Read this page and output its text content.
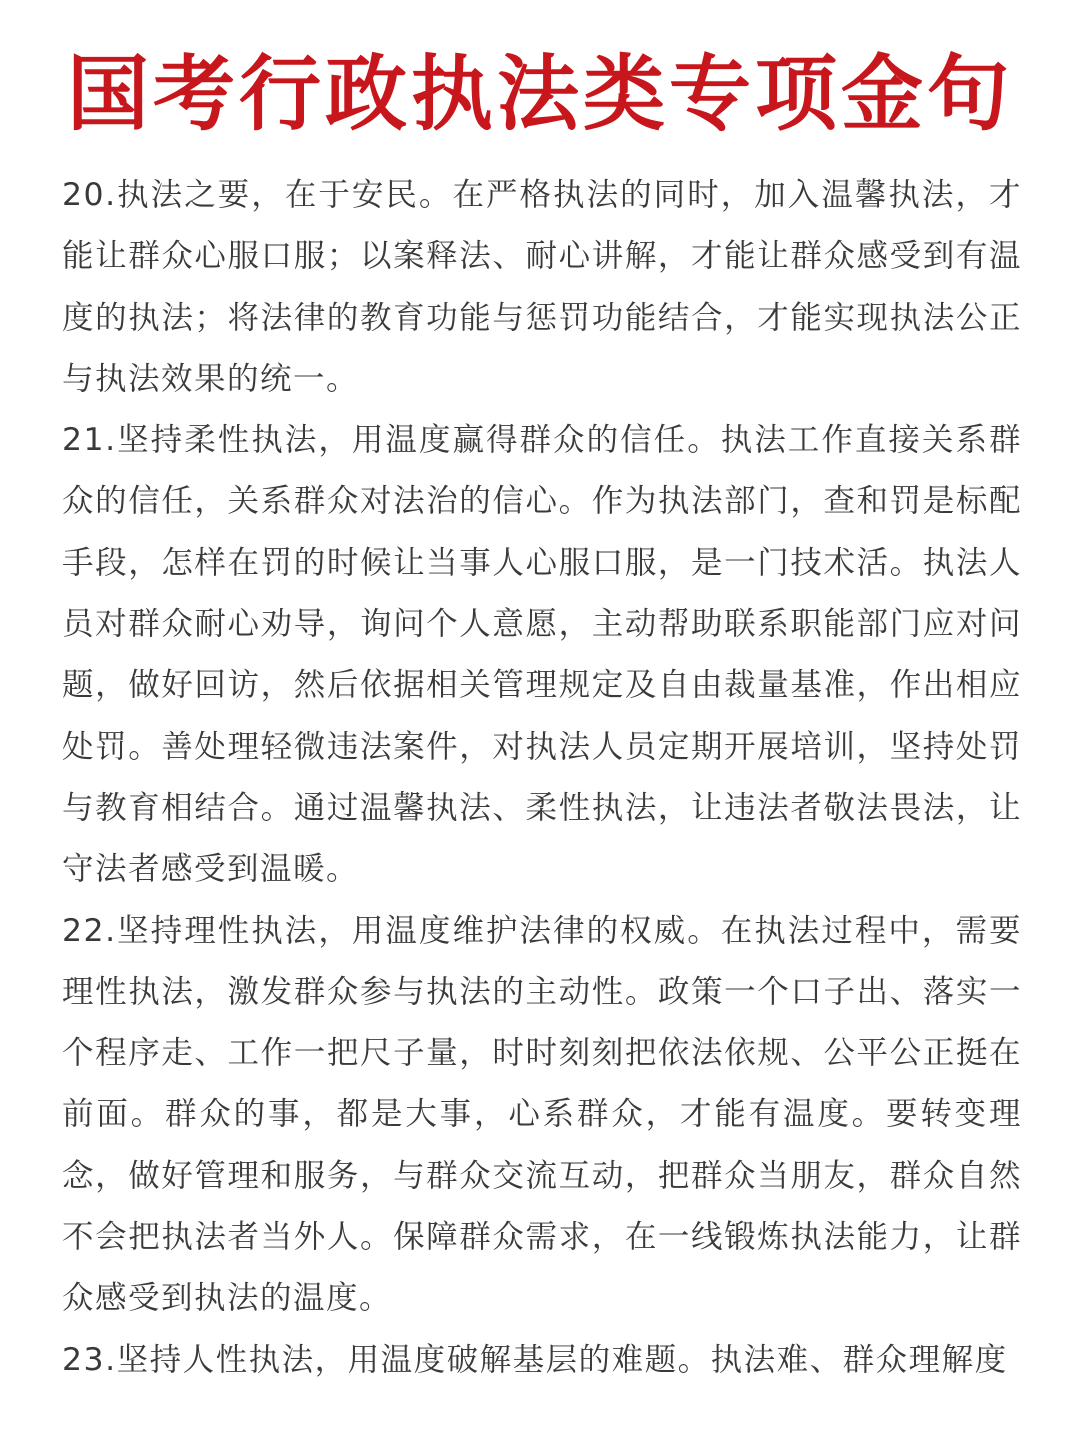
国考行政执法类专项金句

20.执法之要，在于安民。在严格执法的同时，加入温馨执法，才能让群众心服口服；以案释法、耐心讲解，才能让群众感受到有温度的执法；将法律的教育功能与惩罚功能结合，才能实现执法公正与执法效果的统一。

21.坚持柔性执法，用温度赢得群众的信任。执法工作直接关系群众的信任，关系群众对法治的信心。作为执法部门，查和罚是标配手段，怎样在罚的时候让当事人心服口服，是一门技术活。执法人员对群众耐心劝导，询问个人意愿，主动帮助联系职能部门应对问题，做好回访，然后依据相关管理规定及自由裁量基准，作出相应处罚。善处理轻微违法案件，对执法人员定期开展培训，坚持处罚与教育相结合。通过温馨执法、柔性执法，让违法者敬法畏法，让守法者感受到温暖。

22.坚持理性执法，用温度维护法律的权威。在执法过程中，需要理性执法，激发群众参与执法的主动性。政策一个口子出、落实一个程序走、工作一把尺子量，时时刻刻把依法依规、公平公正挺在前面。群众的事，都是大事，心系群众，才能有温度。要转变理念，做好管理和服务，与群众交流互动，把群众当朋友，群众自然不会把执法者当外人。保障群众需求，在一线锻炼执法能力，让群众感受到执法的温度。

23.坚持人性执法，用温度破解基层的难题。执法难、群众理解度
